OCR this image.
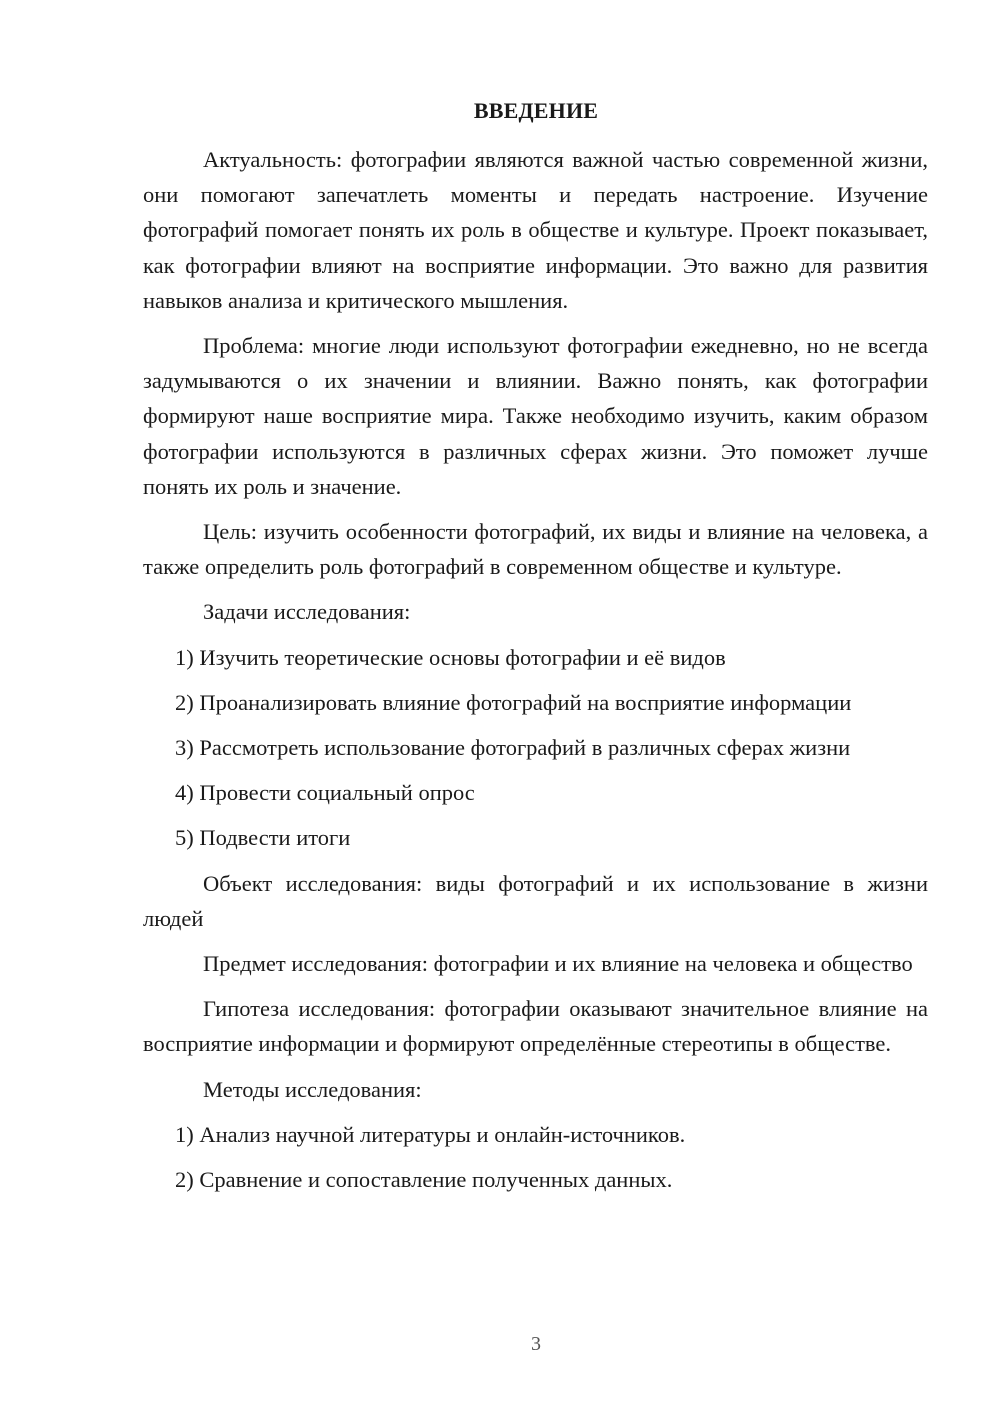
ВВЕДЕНИЕ

Актуальность: фотографии являются важной частью современной жизни, они помогают запечатлеть моменты и передать настроение. Изучение фотографий помогает понять их роль в обществе и культуре. Проект показывает, как фотографии влияют на восприятие информации. Это важно для развития навыков анализа и критического мышления.

Проблема: многие люди используют фотографии ежедневно, но не всегда задумываются о их значении и влиянии. Важно понять, как фотографии формируют наше восприятие мира. Также необходимо изучить, каким образом фотографии используются в различных сферах жизни. Это поможет лучше понять их роль и значение.

Цель: изучить особенности фотографий, их виды и влияние на человека, а также определить роль фотографий в современном обществе и культуре.

Задачи исследования:

1) Изучить теоретические основы фотографии и её видов

2) Проанализировать влияние фотографий на восприятие информации

3) Рассмотреть использование фотографий в различных сферах жизни

4) Провести социальный опрос

5) Подвести итоги

Объект исследования: виды фотографий и их использование в жизни людей

Предмет исследования: фотографии и их влияние на человека и общество

Гипотеза исследования: фотографии оказывают значительное влияние на восприятие информации и формируют определённые стереотипы в обществе.

Методы исследования:

1) Анализ научной литературы и онлайн-источников.

2) Сравнение и сопоставление полученных данных.

3
